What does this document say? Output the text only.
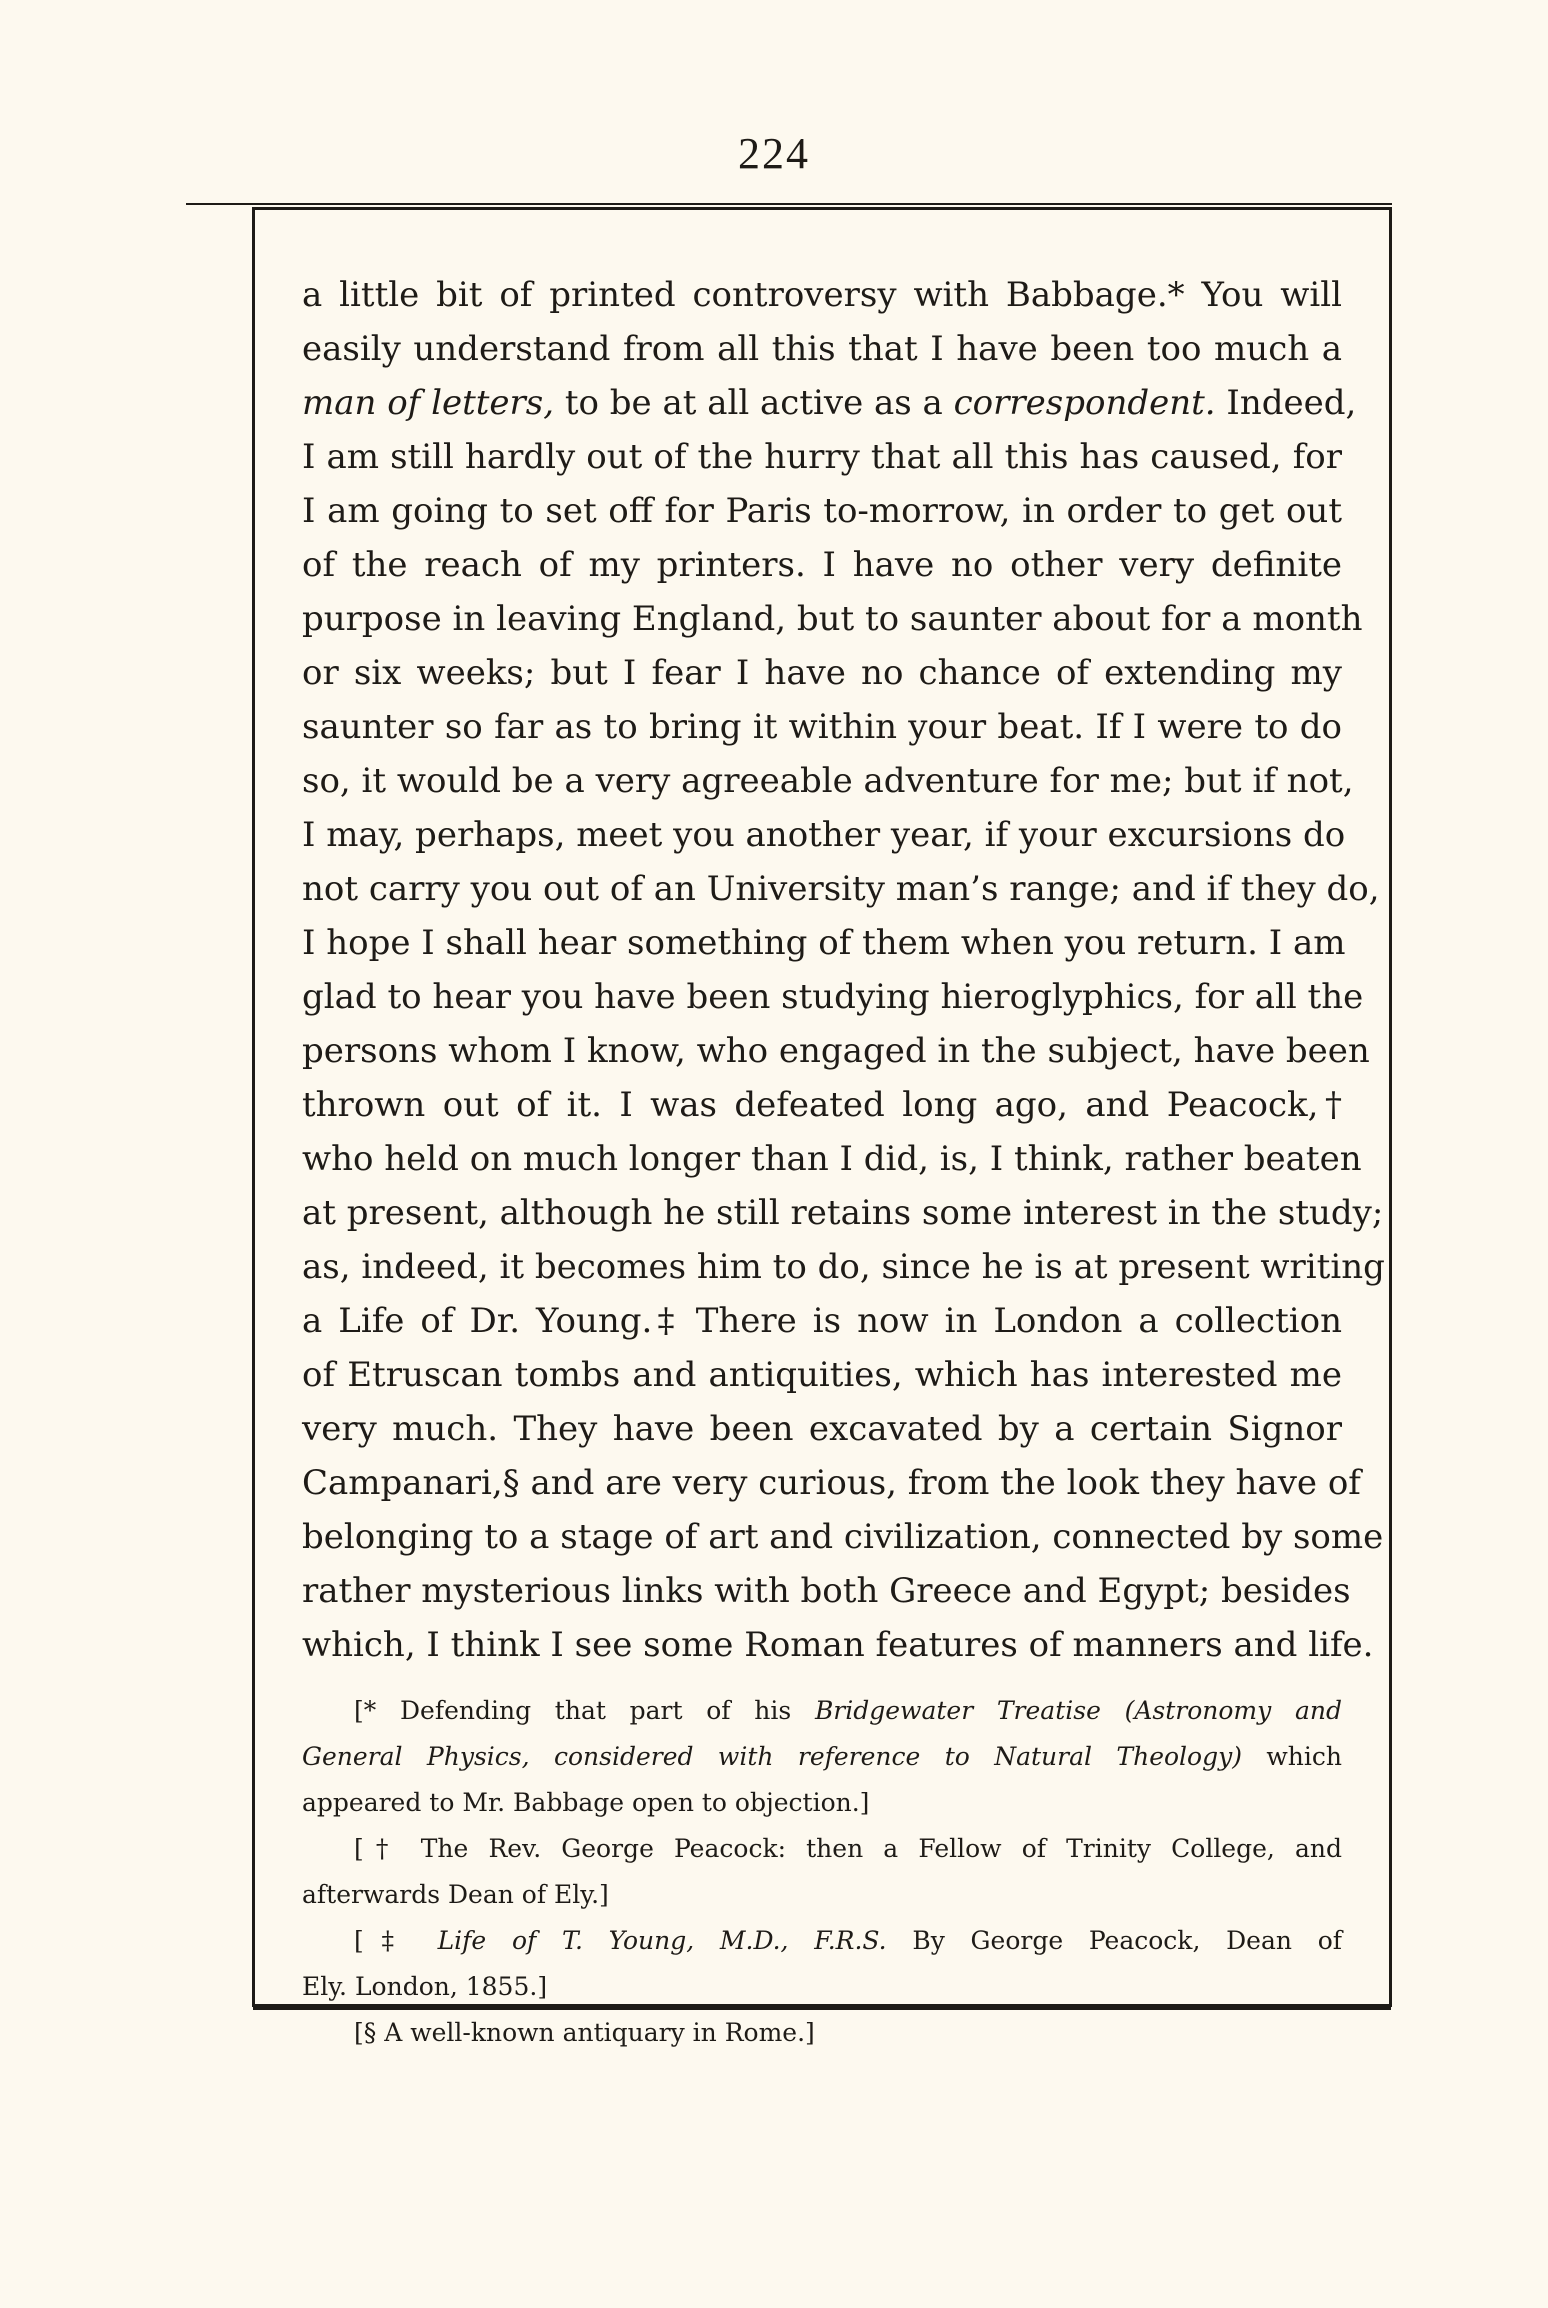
224
a little bit of printed controversy with Babbage.* You will
easily understand from all this that I have been too much a
man of letters, to be at all active as a correspondent. Indeed,
I am still hardly out of the hurry that all this has caused, for
I am going to set off for Paris to-morrow, in order to get out
of the reach of my printers. I have no other very definite
purpose in leaving England, but to saunter about for a month
or six weeks; but I fear I have no chance of extending my
saunter so far as to bring it within your beat. If I were to do
so, it would be a very agreeable adventure for me; but if not,
I may, perhaps, meet you another year, if your excursions do
not carry you out of an University man’s range; and if they do,
I hope I shall hear something of them when you return. I am
glad to hear you have been studying hieroglyphics, for all the
persons whom I know, who engaged in the subject, have been
thrown out of it. I was defeated long ago, and Peacock,†
who held on much longer than I did, is, I think, rather beaten
at present, although he still retains some interest in the study;
as, indeed, it becomes him to do, since he is at present writing
a Life of Dr. Young.‡ There is now in London a collection
of Etruscan tombs and antiquities, which has interested me
very much. They have been excavated by a certain Signor
Campanari,§ and are very curious, from the look they have of
belonging to a stage of art and civilization, connected by some
rather mysterious links with both Greece and Egypt; besides
which, I think I see some Roman features of manners and life.
[* Defending that part of his Bridgewater Treatise (Astronomy and
General Physics, considered with reference to Natural Theology) which
appeared to Mr. Babbage open to objection.]
[† The Rev. George Peacock: then a Fellow of Trinity College, and
afterwards Dean of Ely.]
[‡ Life of T. Young, M.D., F.R.S. By George Peacock, Dean of
Ely. London, 1855.]
[§ A well-known antiquary in Rome.]
